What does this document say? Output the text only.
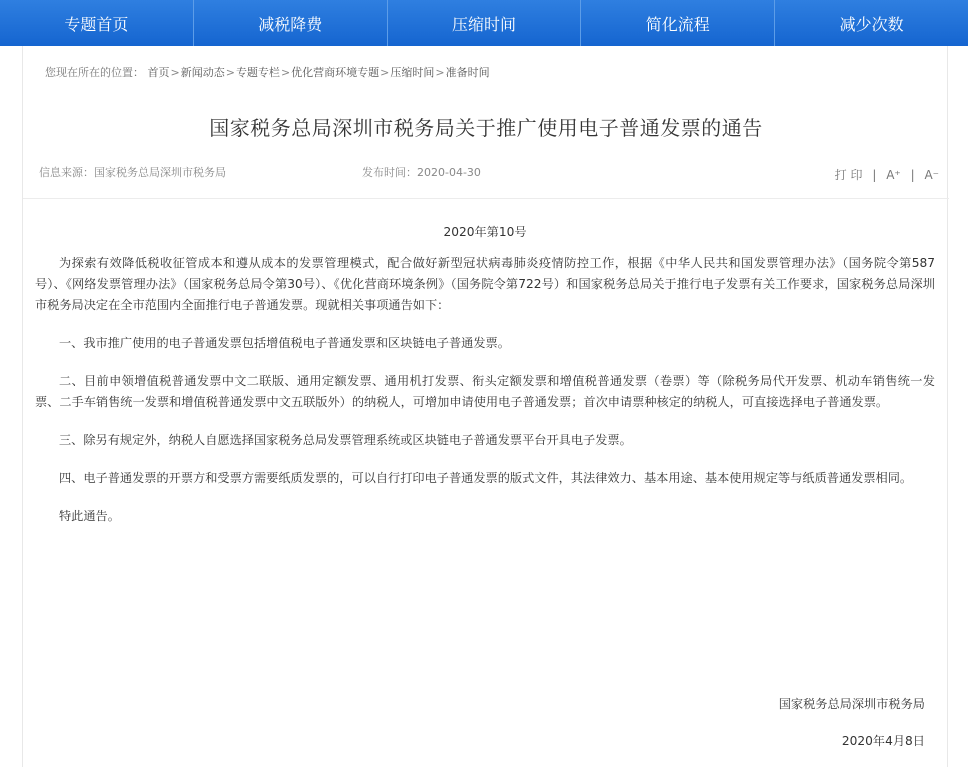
专题首页	减税降费	压缩时间	简化流程	减少次数
您现在所在的位置： 首页>新闻动态>专题专栏>优化营商环境专题>压缩时间>准备时间
国家税务总局深圳市税务局关于推广使用电子普通发票的通告
信息来源：国家税务总局深圳市税务局	发布时间：2020-04-30	打 印 | A⁺ | A⁻
2020年第10号

为探索有效降低税收征管成本和遵从成本的发票管理模式，配合做好新型冠状病毒肺炎疫情防控工作，根据《中华人民共和国发票管理办法》（国务院令第587号）、《网络发票管理办法》（国家税务总局令第30号）、《优化营商环境条例》（国务院令第722号）和国家税务总局关于推行电子发票有关工作要求，国家税务总局深圳市税务局决定在全市范围内全面推行电子普通发票。现就相关事项通告如下：

一、我市推广使用的电子普通发票包括增值税电子普通发票和区块链电子普通发票。

二、目前申领增值税普通发票中文二联版、通用定额发票、通用机打发票、衔头定额发票和增值税普通发票（卷票）等（除税务局代开发票、机动车销售统一发票、二手车销售统一发票和增值税普通发票中文五联版外）的纳税人，可增加申请使用电子普通发票；首次申请票种核定的纳税人，可直接选择电子普通发票。

三、除另有规定外，纳税人自愿选择国家税务总局发票管理系统或区块链电子普通发票平台开具电子发票。

四、电子普通发票的开票方和受票方需要纸质发票的，可以自行打印电子普通发票的版式文件，其法律效力、基本用途、基本使用规定等与纸质普通发票相同。

特此通告。

国家税务总局深圳市税务局
2020年4月8日
